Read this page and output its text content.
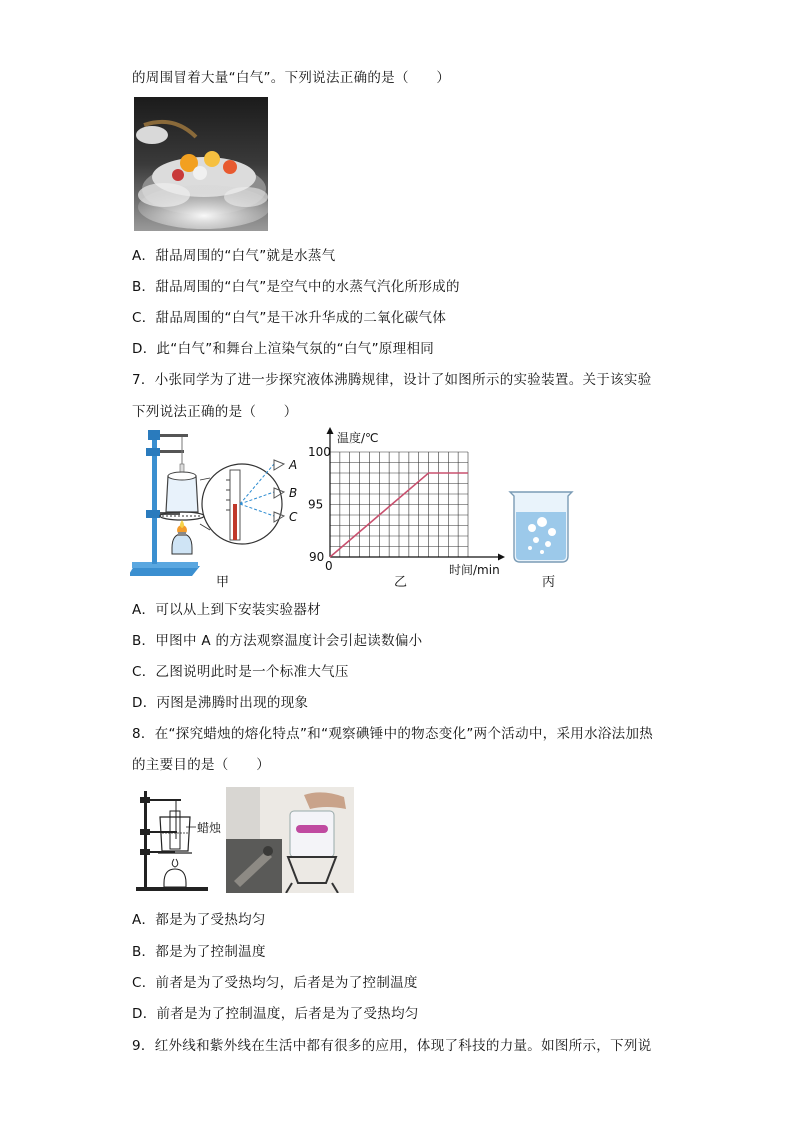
的周围冒着大量“白气”。下列说法正确的是（　　）
A．甜品周围的“白气”就是水蒸气
B．甜品周围的“白气”是空气中的水蒸气汽化所形成的
C．甜品周围的“白气”是干冰升华成的二氧化碳气体
D．此“白气”和舞台上渲染气氛的“白气”原理相同
7．小张同学为了进一步探究液体沸腾规律，设计了如图所示的实验装置。关于该实验
下列说法正确的是（　　）
A
B
C
甲
90
95
100
温度/℃
0	时间/min
乙	丙
A．可以从上到下安装实验器材
B．甲图中 A 的方法观察温度计会引起读数偏小
C．乙图说明此时是一个标准大气压
D．丙图是沸腾时出现的现象
8．在“探究蜡烛的熔化特点”和“观察碘锤中的物态变化”两个活动中，采用水浴法加热
的主要目的是（　　）
蜡烛
A．都是为了受热均匀
B．都是为了控制温度
C．前者是为了受热均匀，后者是为了控制温度
D．前者是为了控制温度，后者是为了受热均匀
9．红外线和紫外线在生活中都有很多的应用，体现了科技的力量。如图所示，下列说
